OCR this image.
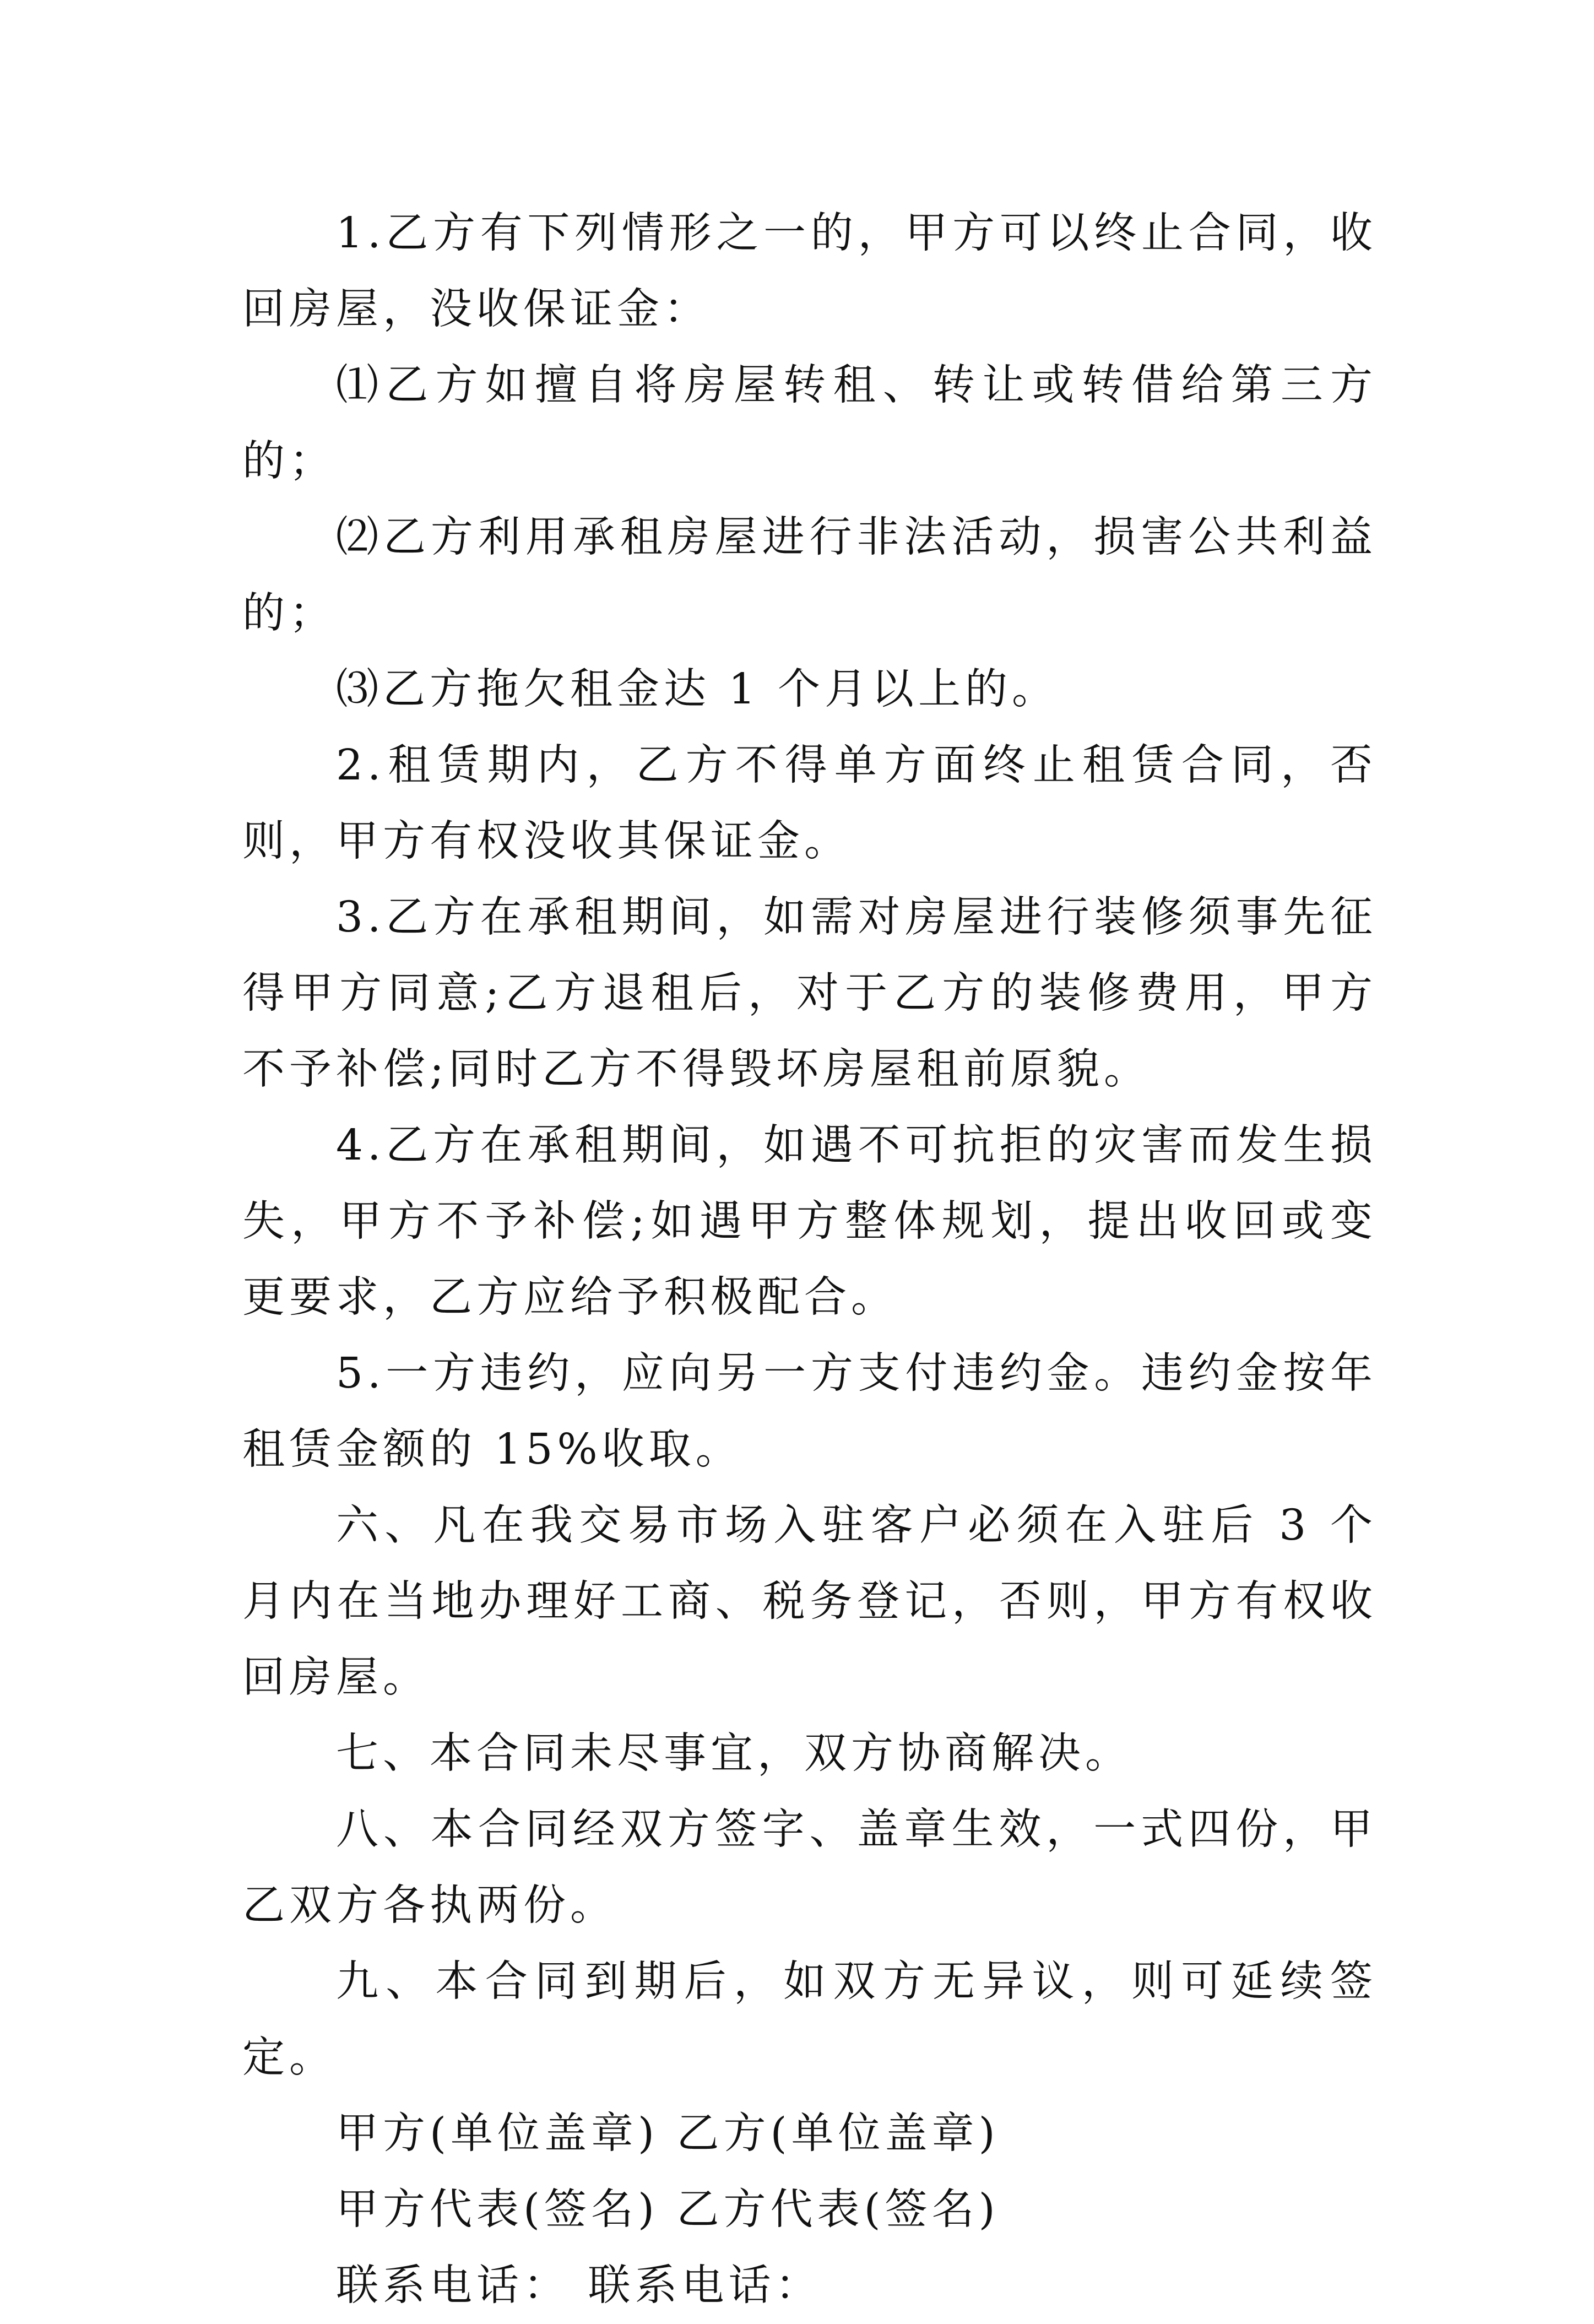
1.乙方有下列情形之一的，甲方可以终止合同，收回房屋，没收保证金：

⑴乙方如擅自将房屋转租、转让或转借给第三方的；

⑵乙方利用承租房屋进行非法活动，损害公共利益的；

⑶乙方拖欠租金达 1 个月以上的。

2.租赁期内，乙方不得单方面终止租赁合同，否则，甲方有权没收其保证金。

3.乙方在承租期间，如需对房屋进行装修须事先征得甲方同意;乙方退租后，对于乙方的装修费用，甲方不予补偿;同时乙方不得毁坏房屋租前原貌。

4.乙方在承租期间，如遇不可抗拒的灾害而发生损失，甲方不予补偿;如遇甲方整体规划，提出收回或变更要求，乙方应给予积极配合。

5.一方违约，应向另一方支付违约金。违约金按年租赁金额的 15%收取。

六、凡在我交易市场入驻客户必须在入驻后 3 个月内在当地办理好工商、税务登记，否则，甲方有权收回房屋。

七、本合同未尽事宜，双方协商解决。

八、本合同经双方签字、盖章生效，一式四份，甲乙双方各执两份。

九、本合同到期后，如双方无异议，则可延续签定。

甲方(单位盖章) 乙方(单位盖章)

甲方代表(签名) 乙方代表(签名)

联系电话： 联系电话：
